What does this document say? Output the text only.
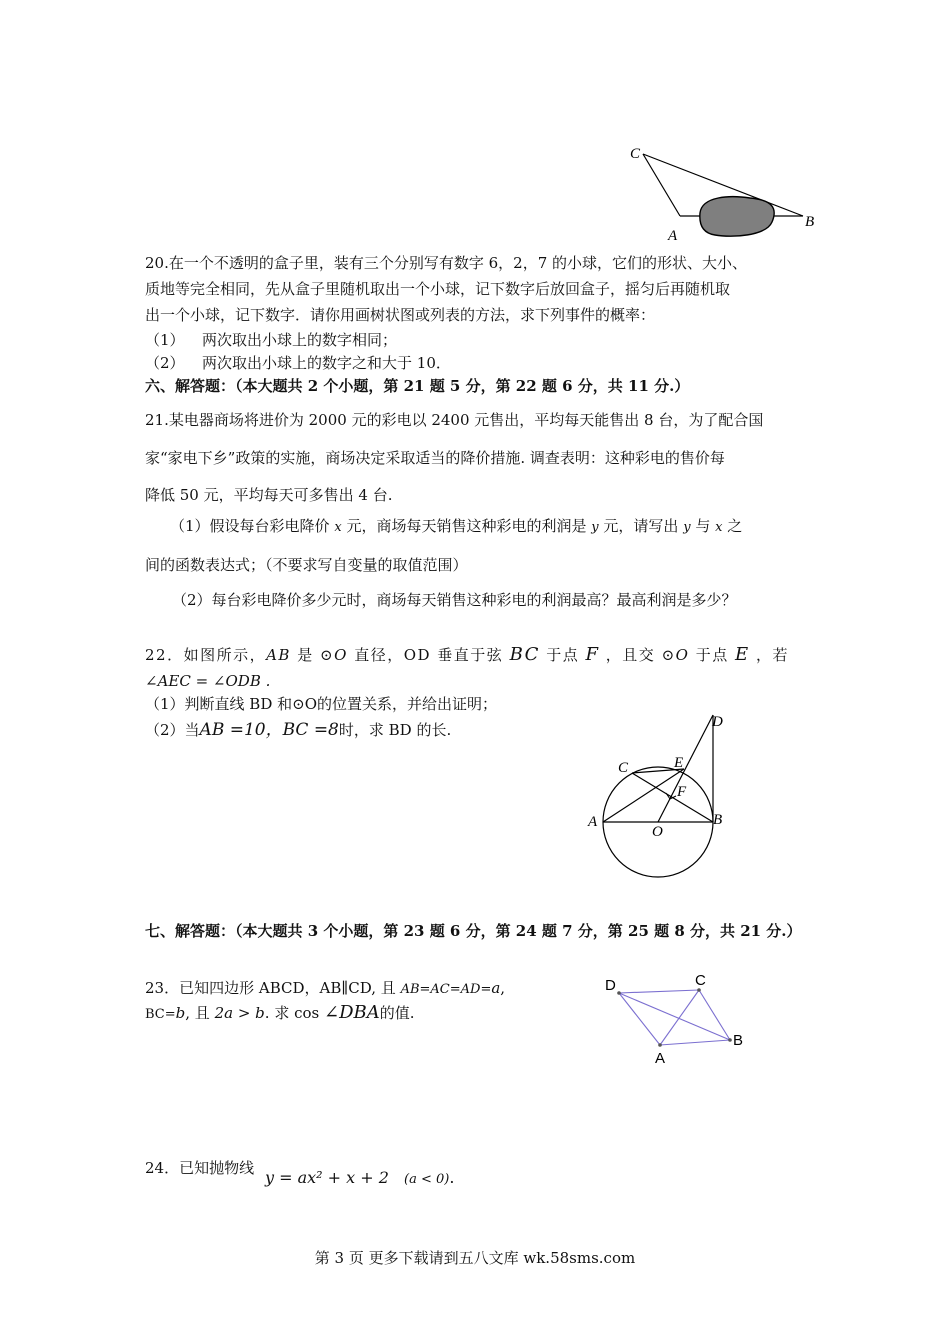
C
A
B
20.在一个不透明的盒子里，装有三个分别写有数字 6，2，7 的小球，它们的形状、大小、
质地等完全相同，先从盒子里随机取出一个小球，记下数字后放回盒子，摇匀后再随机取
出一个小球，记下数字．请你用画树状图或列表的方法，求下列事件的概率：
（1） 两次取出小球上的数字相同；
（2） 两次取出小球上的数字之和大于 10．
六、解答题：（本大题共 2 个小题，第 21 题 5 分，第 22 题 6 分，共 11 分.）
21.某电器商场将进价为 2000 元的彩电以 2400 元售出，平均每天能售出 8 台，为了配合国
家“家电下乡”政策的实施，商场决定采取适当的降价措施. 调查表明：这种彩电的售价每
降低 50 元，平均每天可多售出 4 台.
（1）假设每台彩电降价 x 元，商场每天销售这种彩电的利润是 y 元，请写出 y 与 x 之
间的函数表达式；（不要求写自变量的取值范围）
（2）每台彩电降价多少元时，商场每天销售这种彩电的利润最高？最高利润是多少？
22．如图所示，AB 是 ⊙O 直径，OD 垂直于弦 BC 于点 F ，且交 ⊙O 于点 E ，若
∠AEC = ∠ODB .
（1）判断直线 BD 和⊙O的位置关系，并给出证明；
（2）当AB =10，BC =8时，求 BD 的长.	D
C	E
F
A
O
B
七、解答题：（本大题共 3 个小题，第 23 题 6 分，第 24 题 7 分，第 25 题 8 分，共 21 分.）
23．已知四边形 ABCD，AB∥CD, 且 AB=AC=AD=a,
BC=b, 且 2a > b. 求 cos ∠DBA的值.
D	C
B
A
24．已知抛物线 y = ax² + x + 2 (a < 0).
第 3 页 更多下载请到五八文库 wk.58sms.com
